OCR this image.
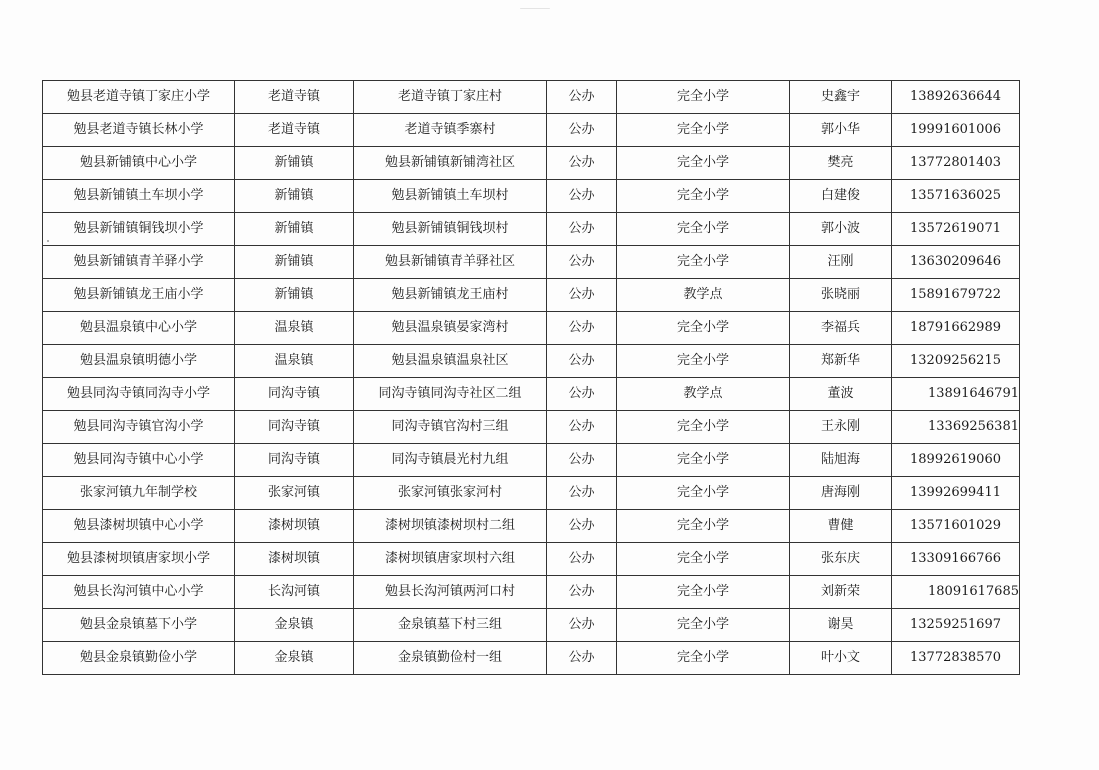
勉县老道寺镇丁家庄小学	老道寺镇	老道寺镇丁家庄村	公办	完全小学	史鑫宇	13892636644
勉县老道寺镇长林小学	老道寺镇	老道寺镇季寨村	公办	完全小学	郭小华	19991601006
勉县新铺镇中心小学	新铺镇	勉县新铺镇新铺湾社区	公办	完全小学	樊亮	13772801403
勉县新铺镇土车坝小学	新铺镇	勉县新铺镇土车坝村	公办	完全小学	白建俊	13571636025
勉县新铺镇铜钱坝小学	新铺镇	勉县新铺镇铜钱坝村	公办	完全小学	郭小波	13572619071
勉县新铺镇青羊驿小学	新铺镇	勉县新铺镇青羊驿社区	公办	完全小学	汪刚	13630209646
勉县新铺镇龙王庙小学	新铺镇	勉县新铺镇龙王庙村	公办	教学点	张晓丽	15891679722
勉县温泉镇中心小学	温泉镇	勉县温泉镇晏家湾村	公办	完全小学	李福兵	18791662989
勉县温泉镇明德小学	温泉镇	勉县温泉镇温泉社区	公办	完全小学	郑新华	13209256215
勉县同沟寺镇同沟寺小学	同沟寺镇	同沟寺镇同沟寺社区二组	公办	教学点	董波	13891646791
勉县同沟寺镇官沟小学	同沟寺镇	同沟寺镇官沟村三组	公办	完全小学	王永刚	13369256381
勉县同沟寺镇中心小学	同沟寺镇	同沟寺镇晨光村九组	公办	完全小学	陆旭海	18992619060
张家河镇九年制学校	张家河镇	张家河镇张家河村	公办	完全小学	唐海刚	13992699411
勉县漆树坝镇中心小学	漆树坝镇	漆树坝镇漆树坝村二组	公办	完全小学	曹健	13571601029
勉县漆树坝镇唐家坝小学	漆树坝镇	漆树坝镇唐家坝村六组	公办	完全小学	张东庆	13309166766
勉县长沟河镇中心小学	长沟河镇	勉县长沟河镇两河口村	公办	完全小学	刘新荣	18091617685
勉县金泉镇墓下小学	金泉镇	金泉镇墓下村三组	公办	完全小学	谢昊	13259251697
勉县金泉镇勤俭小学	金泉镇	金泉镇勤俭村一组	公办	完全小学	叶小文	13772838570
